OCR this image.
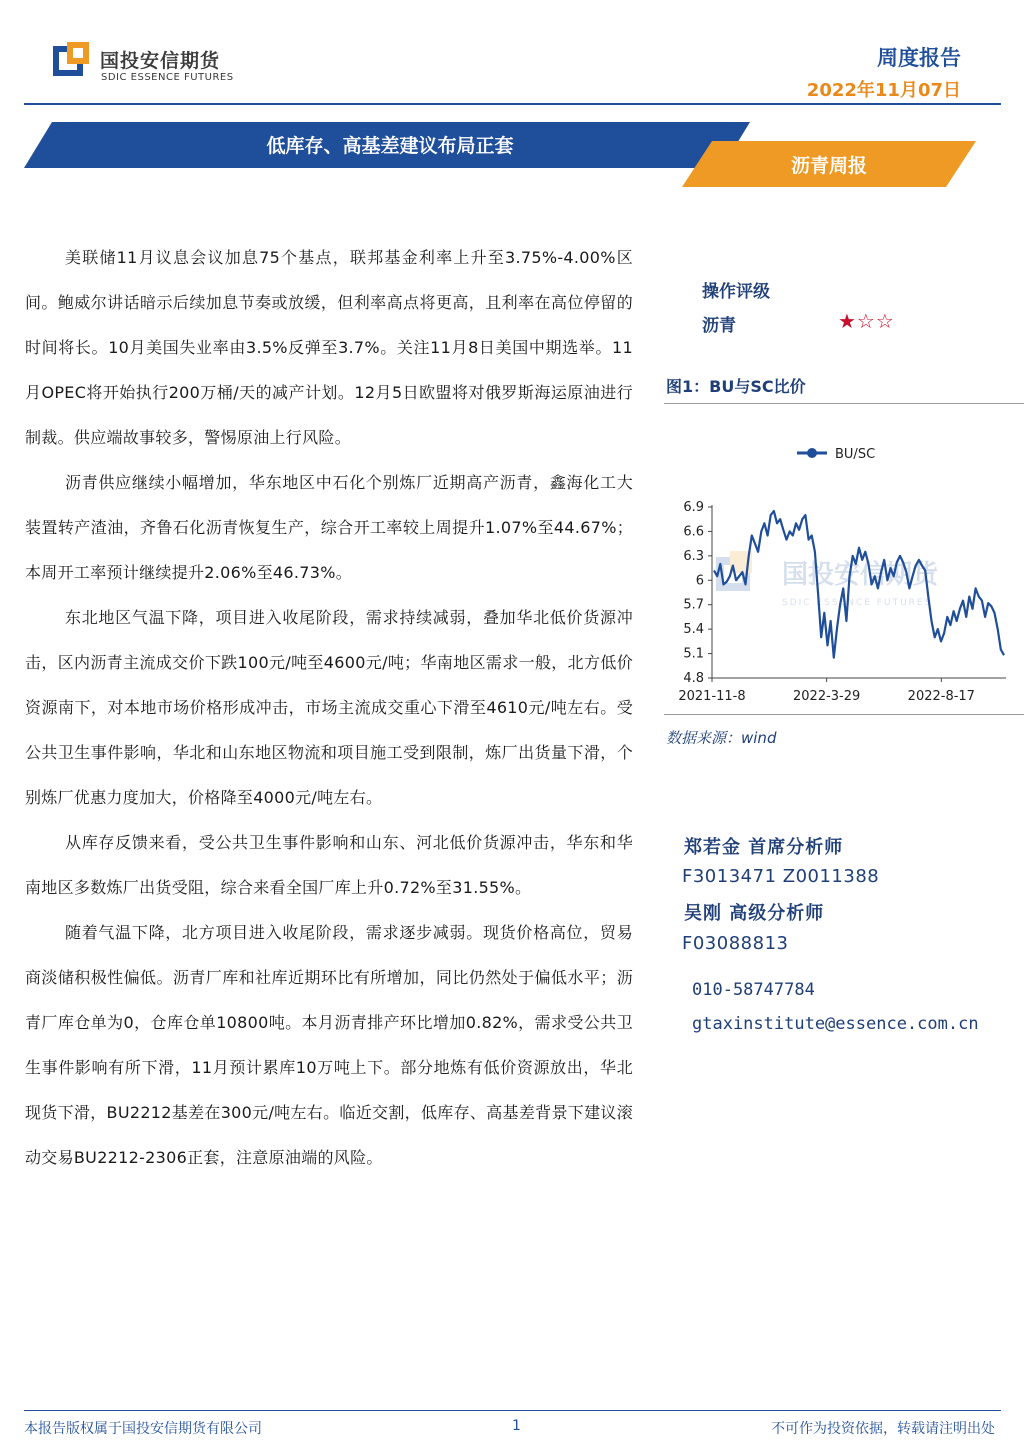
国投安信期货
SDIC ESSENCE FUTURES
周度报告
2022年11月07日
低库存、高基差建议布局正套
沥青周报

美联储11月议息会议加息75个基点，联邦基金利率上升至3.75%-4.00%区间。鲍威尔讲话暗示后续加息节奏或放缓，但利率高点将更高，且利率在高位停留的时间将长。10月美国失业率由3.5%反弹至3.7%。关注11月8日美国中期选举。11月OPEC将开始执行200万桶/天的减产计划。12月5日欧盟将对俄罗斯海运原油进行制裁。供应端故事较多，警惕原油上行风险。

沥青供应继续小幅增加，华东地区中石化个别炼厂近期高产沥青，鑫海化工大装置转产渣油，齐鲁石化沥青恢复生产，综合开工率较上周提升1.07%至44.67%；本周开工率预计继续提升2.06%至46.73%。

东北地区气温下降，项目进入收尾阶段，需求持续减弱，叠加华北低价货源冲击，区内沥青主流成交价下跌100元/吨至4600元/吨；华南地区需求一般，北方低价资源南下，对本地市场价格形成冲击，市场主流成交重心下滑至4610元/吨左右。受公共卫生事件影响，华北和山东地区物流和项目施工受到限制，炼厂出货量下滑，个别炼厂优惠力度加大，价格降至4000元/吨左右。

从库存反馈来看，受公共卫生事件影响和山东、河北低价货源冲击，华东和华南地区多数炼厂出货受阻，综合来看全国厂库上升0.72%至31.55%。

随着气温下降，北方项目进入收尾阶段，需求逐步减弱。现货价格高位，贸易商淡储积极性偏低。沥青厂库和社库近期环比有所增加，同比仍然处于偏低水平；沥青厂库仓单为0，仓库仓单10800吨。本月沥青排产环比增加0.82%，需求受公共卫生事件影响有所下滑，11月预计累库10万吨上下。部分地炼有低价资源放出，华北现货下滑，BU2212基差在300元/吨左右。临近交割，低库存、高基差背景下建议滚动交易BU2212-2306正套，注意原油端的风险。

操作评级
沥青	★☆☆
图1：BU与SC比价
国投安信期货
SDIC ESSENCE FUTURES
BU/SC
4.8
5.1
5.4
5.7
6
6.3
6.6
6.9
2021-11-8	2022-3-29	2022-8-17
数据来源：wind
郑若金 首席分析师
F3013471 Z0011388
吴刚 高级分析师
F03088813
010-58747784
gtaxinstitute@essence.com.cn
本报告版权属于国投安信期货有限公司	1	不可作为投资依据，转载请注明出处
